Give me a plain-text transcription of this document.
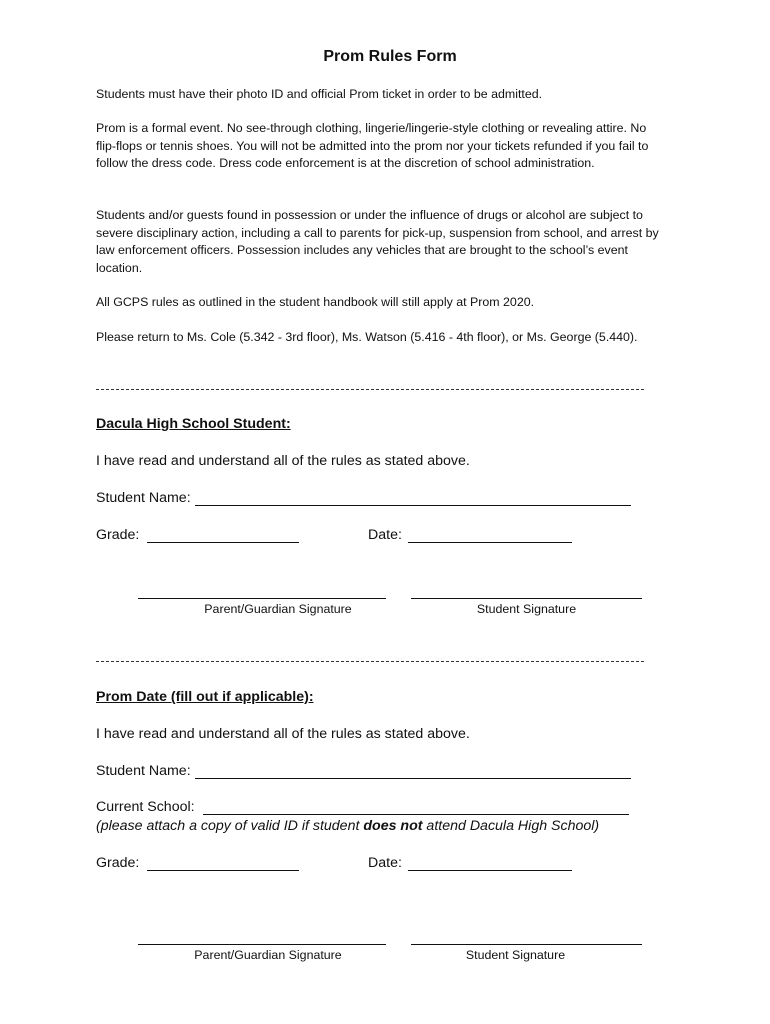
Prom Rules Form

Students must have their photo ID and official Prom ticket in order to be admitted.

Prom is a formal event. No see-through clothing, lingerie/lingerie-style clothing or revealing attire. No flip-flops or tennis shoes. You will not be admitted into the prom nor your tickets refunded if you fail to follow the dress code. Dress code enforcement is at the discretion of school administration.

Students and/or guests found in possession or under the influence of drugs or alcohol are subject to severe disciplinary action, including a call to parents for pick-up, suspension from school, and arrest by law enforcement officers. Possession includes any vehicles that are brought to the school’s event location.

All GCPS rules as outlined in the student handbook will still apply at Prom 2020.

Please return to Ms. Cole (5.342 - 3rd floor), Ms. Watson (5.416 - 4th floor), or Ms. George (5.440).

Dacula High School Student:

I have read and understand all of the rules as stated above.

Student Name:
Grade:	Date:
Parent/Guardian Signature	Student Signature

Prom Date (fill out if applicable):

I have read and understand all of the rules as stated above.

Student Name:
Current School:

(please attach a copy of valid ID if student does not attend Dacula High School)

Grade:	Date:
Parent/Guardian Signature	Student Signature
